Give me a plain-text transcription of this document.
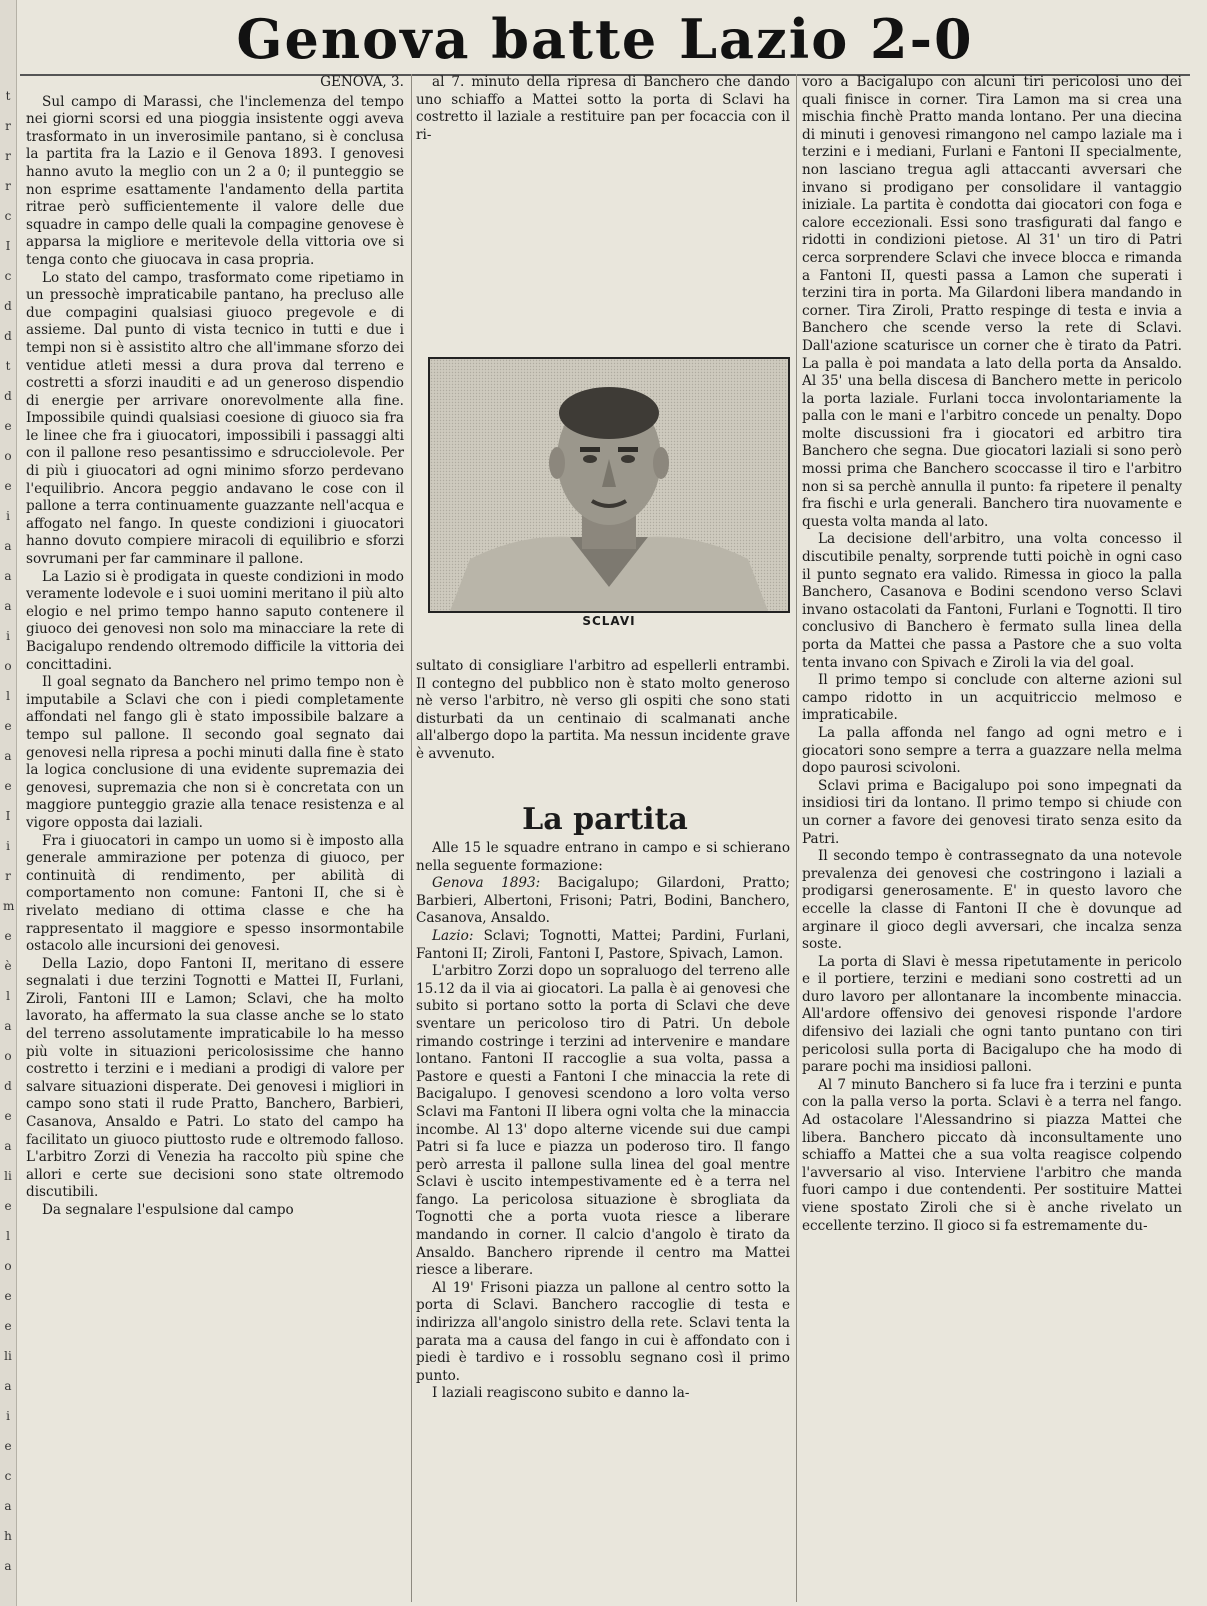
t
r
r
r
c
I
c
d
d
t
d
e
o
e
i
a
a
a
i
o
l
e
a
e
I
i
r
m
e
è
l
a
o
d
e
a
li
e
l
o
e
e
li
a
i
e
c
a
h
a
Genova batte Lazio 2-0
GENOVA, 3.

Sul campo di Marassi, che l'inclemenza del tempo nei giorni scorsi ed una pioggia insistente oggi aveva trasformato in un inverosimile pantano, si è conclusa la partita fra la Lazio e il Genova 1893. I genovesi hanno avuto la meglio con un 2 a 0; il punteggio se non esprime esattamente l'andamento della partita ritrae però sufficientemente il valore delle due squadre in campo delle quali la compagine genovese è apparsa la migliore e meritevole della vittoria ove si tenga conto che giuocava in casa propria.

Lo stato del campo, trasformato come ripetiamo in un pressochè impraticabile pantano, ha precluso alle due compagini qualsiasi giuoco pregevole e di assieme. Dal punto di vista tecnico in tutti e due i tempi non si è assistito altro che all'immane sforzo dei ventidue atleti messi a dura prova dal terreno e costretti a sforzi inauditi e ad un generoso dispendio di energie per arrivare onorevolmente alla fine. Impossibile quindi qualsiasi coesione di giuoco sia fra le linee che fra i giuocatori, impossibili i passaggi alti con il pallone reso pesantissimo e sdrucciolevole. Per di più i giuocatori ad ogni minimo sforzo perdevano l'equilibrio. Ancora peggio andavano le cose con il pallone a terra continuamente guazzante nell'acqua e affogato nel fango. In queste condizioni i giuocatori hanno dovuto compiere miracoli di equilibrio e sforzi sovrumani per far camminare il pallone.

La Lazio si è prodigata in queste condizioni in modo veramente lodevole e i suoi uomini meritano il più alto elogio e nel primo tempo hanno saputo contenere il giuoco dei genovesi non solo ma minacciare la rete di Bacigalupo rendendo oltremodo difficile la vittoria dei concittadini.

Il goal segnato da Banchero nel primo tempo non è imputabile a Sclavi che con i piedi completamente affondati nel fango gli è stato impossibile balzare a tempo sul pallone. Il secondo goal segnato dai genovesi nella ripresa a pochi minuti dalla fine è stato la logica conclusione di una evidente supremazia dei genovesi, supremazia che non si è concretata con un maggiore punteggio grazie alla tenace resistenza e al vigore opposta dai laziali.

Fra i giuocatori in campo un uomo si è imposto alla generale ammirazione per potenza di giuoco, per continuità di rendimento, per abilità di comportamento non comune: Fantoni II, che si è rivelato mediano di ottima classe e che ha rappresentato il maggiore e spesso insormontabile ostacolo alle incursioni dei genovesi.

Della Lazio, dopo Fantoni II, meritano di essere segnalati i due terzini Tognotti e Mattei II, Furlani, Ziroli, Fantoni III e Lamon; Sclavi, che ha molto lavorato, ha affermato la sua classe anche se lo stato del terreno assolutamente impraticabile lo ha messo più volte in situazioni pericolosissime che hanno costretto i terzini e i mediani a prodigi di valore per salvare situazioni disperate. Dei genovesi i migliori in campo sono stati il rude Pratto, Banchero, Barbieri, Casanova, Ansaldo e Patri. Lo stato del campo ha facilitato un giuoco piuttosto rude e oltremodo falloso. L'arbitro Zorzi di Venezia ha raccolto più spine che allori e certe sue decisioni sono state oltremodo discutibili.

Da segnalare l'espulsione dal campo

al 7. minuto della ripresa di Banchero che dando uno schiaffo a Mattei sotto la porta di Sclavi ha costretto il laziale a restituire pan per focaccia con il ri-

SCLAVI

sultato di consigliare l'arbitro ad espellerli entrambi. Il contegno del pubblico non è stato molto generoso nè verso l'arbitro, nè verso gli ospiti che sono stati disturbati da un centinaio di scalmanati anche all'albergo dopo la partita. Ma nessun incidente grave è avvenuto.

La partita

Alle 15 le squadre entrano in campo e si schierano nella seguente formazione:

Genova 1893: Bacigalupo; Gilardoni, Pratto; Barbieri, Albertoni, Frisoni; Patri, Bodini, Banchero, Casanova, Ansaldo.

Lazio: Sclavi; Tognotti, Mattei; Pardini, Furlani, Fantoni II; Ziroli, Fantoni I, Pastore, Spivach, Lamon.

L'arbitro Zorzi dopo un sopraluogo del terreno alle 15.12 da il via ai giocatori. La palla è ai genovesi che subito si portano sotto la porta di Sclavi che deve sventare un pericoloso tiro di Patri. Un debole rimando costringe i terzini ad intervenire e mandare lontano. Fantoni II raccoglie a sua volta, passa a Pastore e questi a Fantoni I che minaccia la rete di Bacigalupo. I genovesi scendono a loro volta verso Sclavi ma Fantoni II libera ogni volta che la minaccia incombe. Al 13' dopo alterne vicende sui due campi Patri si fa luce e piazza un poderoso tiro. Il fango però arresta il pallone sulla linea del goal mentre Sclavi è uscito intempestivamente ed è a terra nel fango. La pericolosa situazione è sbrogliata da Tognotti che a porta vuota riesce a liberare mandando in corner. Il calcio d'angolo è tirato da Ansaldo. Banchero riprende il centro ma Mattei riesce a liberare.

Al 19' Frisoni piazza un pallone al centro sotto la porta di Sclavi. Banchero raccoglie di testa e indirizza all'angolo sinistro della rete. Sclavi tenta la parata ma a causa del fango in cui è affondato con i piedi è tardivo e i rossoblu segnano così il primo punto.

I laziali reagiscono subito e danno la-

voro a Bacigalupo con alcuni tiri pericolosi uno dei quali finisce in corner. Tira Lamon ma si crea una mischia finchè Pratto manda lontano. Per una diecina di minuti i genovesi rimangono nel campo laziale ma i terzini e i mediani, Furlani e Fantoni II specialmente, non lasciano tregua agli attaccanti avversari che invano si prodigano per consolidare il vantaggio iniziale. La partita è condotta dai giocatori con foga e calore eccezionali. Essi sono trasfigurati dal fango e ridotti in condizioni pietose. Al 31' un tiro di Patri cerca sorprendere Sclavi che invece blocca e rimanda a Fantoni II, questi passa a Lamon che superati i terzini tira in porta. Ma Gilardoni libera mandando in corner. Tira Ziroli, Pratto respinge di testa e invia a Banchero che scende verso la rete di Sclavi. Dall'azione scaturisce un corner che è tirato da Patri. La palla è poi mandata a lato della porta da Ansaldo. Al 35' una bella discesa di Banchero mette in pericolo la porta laziale. Furlani tocca involontariamente la palla con le mani e l'arbitro concede un penalty. Dopo molte discussioni fra i giocatori ed arbitro tira Banchero che segna. Due giocatori laziali si sono però mossi prima che Banchero scoccasse il tiro e l'arbitro non si sa perchè annulla il punto: fa ripetere il penalty fra fischi e urla generali. Banchero tira nuovamente e questa volta manda al lato.

La decisione dell'arbitro, una volta concesso il discutibile penalty, sorprende tutti poichè in ogni caso il punto segnato era valido. Rimessa in gioco la palla Banchero, Casanova e Bodini scendono verso Sclavi invano ostacolati da Fantoni, Furlani e Tognotti. Il tiro conclusivo di Banchero è fermato sulla linea della porta da Mattei che passa a Pastore che a suo volta tenta invano con Spivach e Ziroli la via del goal.

Il primo tempo si conclude con alterne azioni sul campo ridotto in un acquitriccio melmoso e impraticabile.

La palla affonda nel fango ad ogni metro e i giocatori sono sempre a terra a guazzare nella melma dopo paurosi scivoloni.

Sclavi prima e Bacigalupo poi sono impegnati da insidiosi tiri da lontano. Il primo tempo si chiude con un corner a favore dei genovesi tirato senza esito da Patri.

Il secondo tempo è contrassegnato da una notevole prevalenza dei genovesi che costringono i laziali a prodigarsi generosamente. E' in questo lavoro che eccelle la classe di Fantoni II che è dovunque ad arginare il gioco degli avversari, che incalza senza soste.

La porta di Slavi è messa ripetutamente in pericolo e il portiere, terzini e mediani sono costretti ad un duro lavoro per allontanare la incombente minaccia. All'ardore offensivo dei genovesi risponde l'ardore difensivo dei laziali che ogni tanto puntano con tiri pericolosi sulla porta di Bacigalupo che ha modo di parare pochi ma insidiosi palloni.

Al 7 minuto Banchero si fa luce fra i terzini e punta con la palla verso la porta. Sclavi è a terra nel fango. Ad ostacolare l'Alessandrino si piazza Mattei che libera. Banchero piccato dà inconsultamente uno schiaffo a Mattei che a sua volta reagisce colpendo l'avversario al viso. Interviene l'arbitro che manda fuori campo i due contendenti. Per sostituire Mattei viene spostato Ziroli che si è anche rivelato un eccellente terzino. Il gioco si fa estremamente du-
